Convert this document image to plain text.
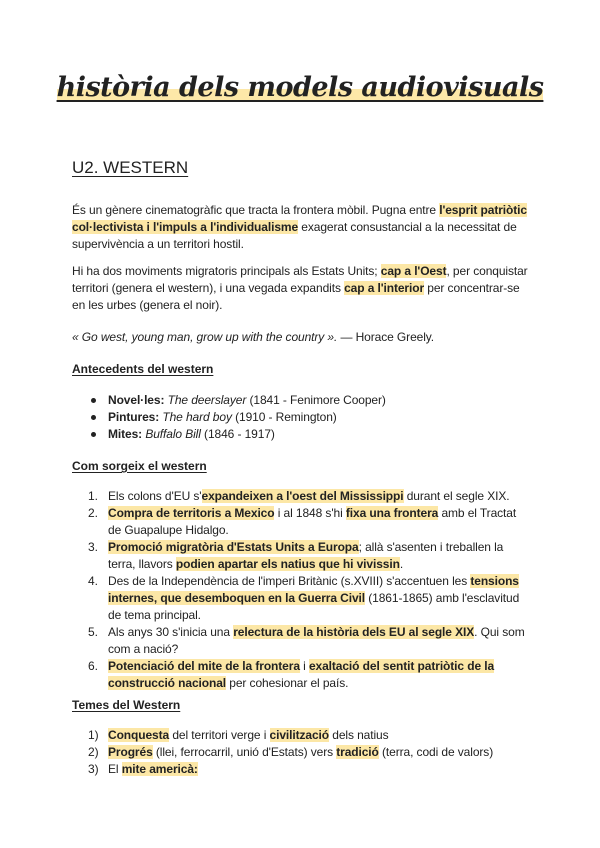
història dels models audiovisuals
U2. WESTERN

És un gènere cinematogràfic que tracta la frontera mòbil. Pugna entre l'esprit patriòtic col·lectivista i l'impuls a l'individualisme exagerat consustancial a la necessitat de supervivència a un territori hostil.

Hi ha dos moviments migratoris principals als Estats Units; cap a l'Oest, per conquistar territori (genera el western), i una vegada expandits cap a l'interior per concentrar-se en les urbes (genera el noir).

« Go west, young man, grow up with the country ». — Horace Greely.

Antecedents del western
Novel·les: The deerslayer (1841 - Fenimore Cooper)
Pintures: The hard boy (1910 - Remington)
Mites: Buffalo Bill (1846 - 1917)
Com sorgeix el western
1. Els colons d'EU s'expandeixen a l'oest del Mississippi durant el segle XIX.
2. Compra de territoris a Mexico i al 1848 s'hi fixa una frontera amb el Tractat de Guapalupe Hidalgo.
3. Promoció migratòria d'Estats Units a Europa; allà s'asenten i treballen la terra, llavors podien apartar els natius que hi vivissin.
4. Des de la Independència de l'imperi Britànic (s.XVIII) s'accentuen les tensions internes, que desemboquen en la Guerra Civil (1861-1865) amb l'esclavitud de tema principal.
5. Als anys 30 s'inicia una relectura de la història dels EU al segle XIX. Qui som com a nació?
6. Potenciació del mite de la frontera i exaltació del sentit patriòtic de la construcció nacional per cohesionar el país.
Temes del Western
1) Conquesta del territori verge i civilització dels natius
2) Progrés (llei, ferrocarril, unió d'Estats) vers tradició (terra, codi de valors)
3) El mite americà:
